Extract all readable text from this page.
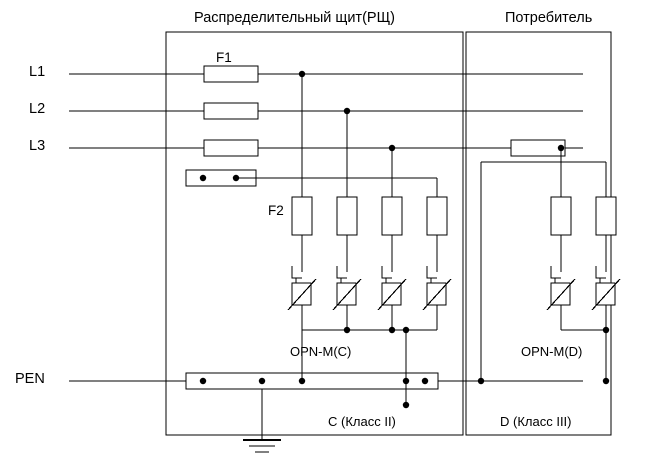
Распределительный щит(РЩ)	Потребитель
L1
L2
L3
PEN
F1
F2
OPN-M(C)	OPN-M(D)
C (Класс II)	D (Класс III)
